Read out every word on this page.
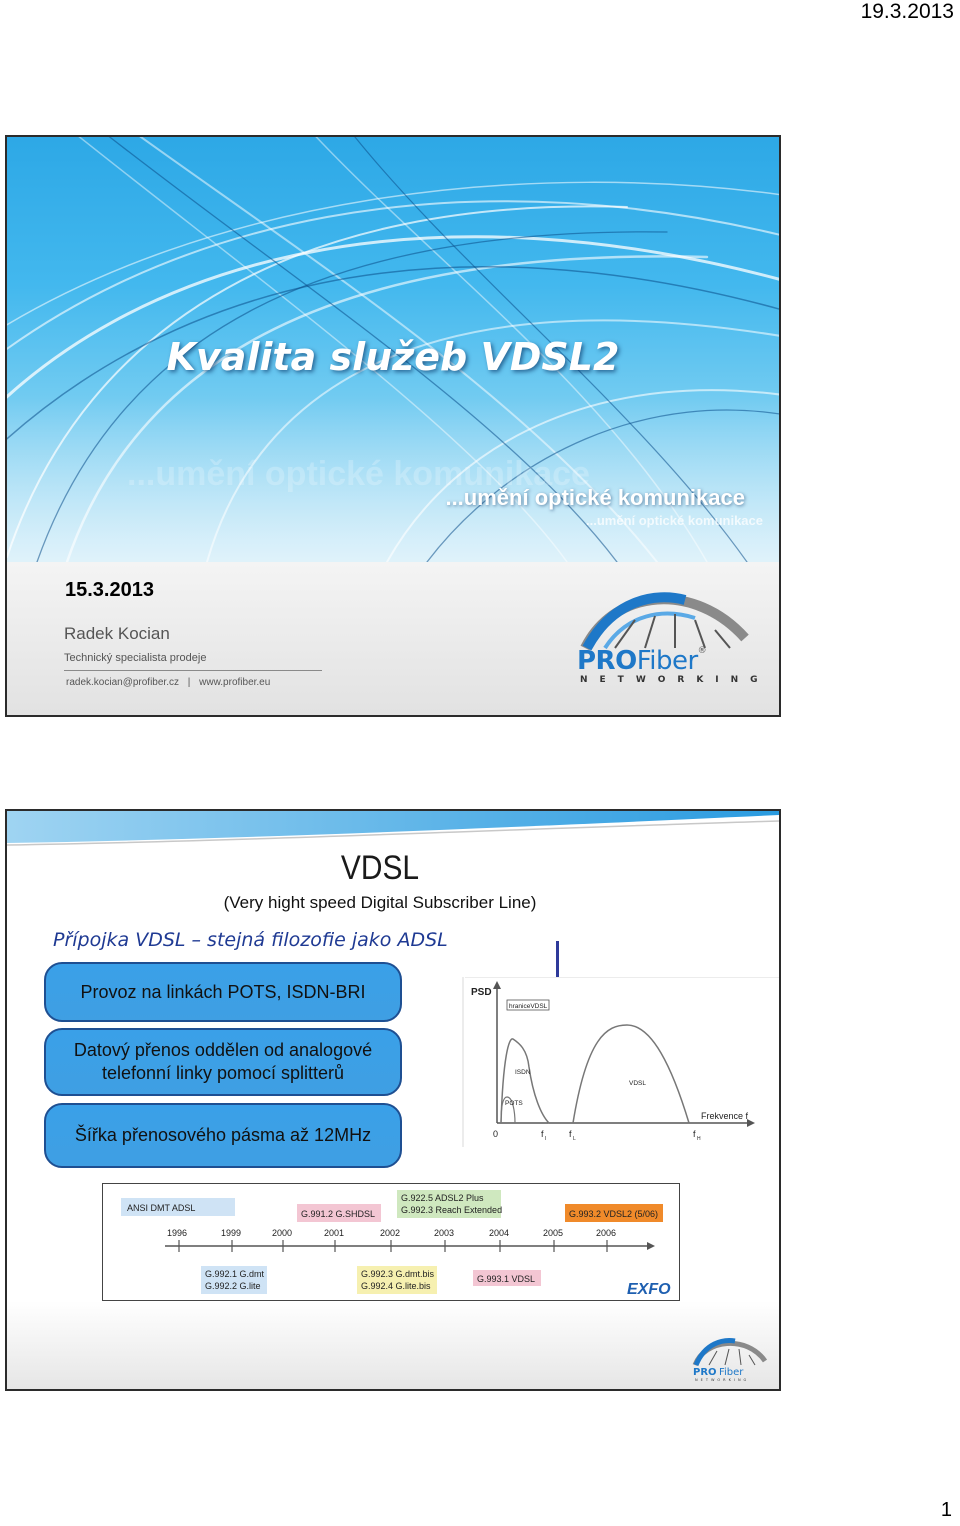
19.3.2013
...umění optické komunikace
Kvalita služeb VDSL2
...umění optické komunikace
...umění optické komunikace
15.3.2013
Radek Kocian
Technický specialista prodeje
radek.kocian@profiber.cz | www.profiber.eu
PROFiber®
NETWORKING
VDSL
(Very hight speed Digital Subscriber Line)
Přípojka VDSL – stejná filozofie jako ADSL
Provoz na linkách POTS, ISDN-BRI
Datový přenos oddělen od analogové telefonní linky pomocí splitterů
Šířka přenosového pásma až 12MHz
PSD
hraniceVDSL
ISDN
POTS
VDSL
Frekvence f
0	f I	f L	f H
ANSI DMT ADSL
G.991.2 G.SHDSL
G.922.5 ADSL2 Plus
G.992.3 Reach Extended	G.993.2 VDSL2 (5/06)
1996	1999	2000	2001	2002	2003	2004	2005	2006
G.992.1 G.dmt
G.992.2 G.lite
G.992.3 G.dmt.bis
G.992.4 G.lite.bis
G.993.1 VDSL
EXFO
PRO Fiber
NETWORKING
1
